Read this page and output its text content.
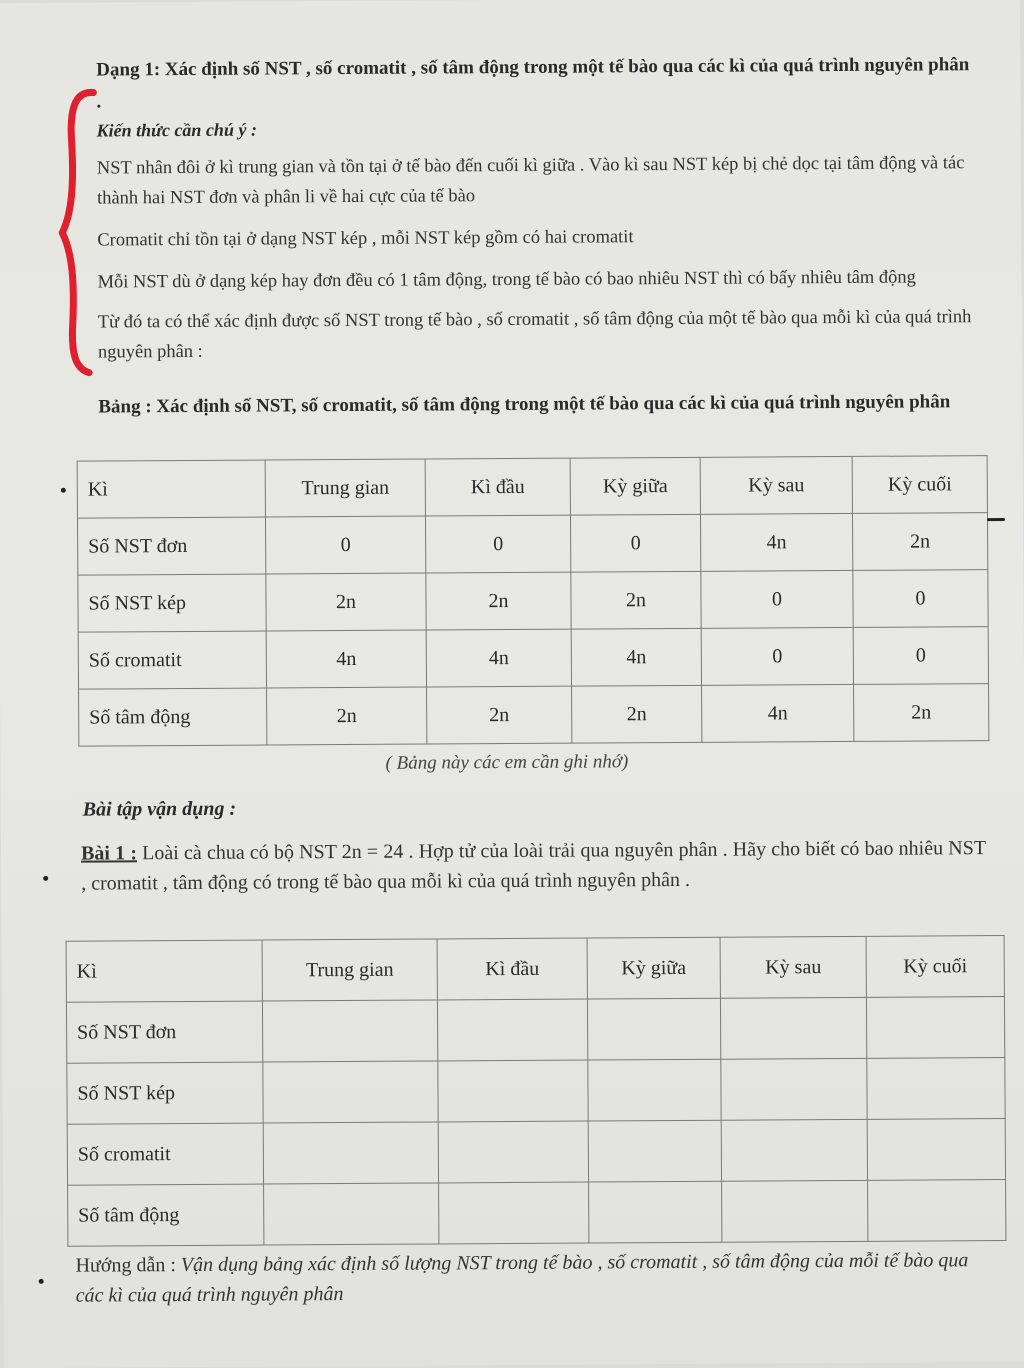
Dạng 1: Xác định số NST , số cromatit , số tâm động trong một tế bào qua các kì của quá trình nguyên phân .
Kiến thức cần chú ý :
NST nhân đôi ở kì trung gian và tồn tại ở tế bào đến cuối kì giữa . Vào kì sau NST kép bị chẻ dọc tại tâm động và tác thành hai NST đơn và phân li về hai cực của tế bào
Cromatit chỉ tồn tại ở dạng NST kép , mỗi NST kép gồm có hai cromatit
Mỗi NST dù ở dạng kép hay đơn đều có 1 tâm động, trong tế bào có bao nhiêu NST thì có bấy nhiêu tâm động
Từ đó ta có thể xác định được số NST trong tế bào , số cromatit , số tâm động của một tế bào qua mỗi kì của quá trình nguyên phân :
Bảng : Xác định số NST, số cromatit, số tâm động trong một tế bào qua các kì của quá trình nguyên phân
Kì	Trung gian	Kì đầu	Kỳ giữa	Kỳ sau	Kỳ cuối
Số NST đơn	0	0	0	4n	2n
Số NST kép	2n	2n	2n	0	0
Số cromatit	4n	4n	4n	0	0
Số tâm động	2n	2n	2n	4n	2n
( Bảng này các em cần ghi nhớ)
Bài tập vận dụng :
Bài 1 : Loài cà chua có bộ NST 2n = 24 . Hợp tử của loài trải qua nguyên phân . Hãy cho biết có bao nhiêu NST , cromatit , tâm động có trong tế bào qua mỗi kì của quá trình nguyên phân .
Kì	Trung gian	Kì đầu	Kỳ giữa	Kỳ sau	Kỳ cuối
Số NST đơn					
Số NST kép					
Số cromatit					
Số tâm động					
Hướng dẫn : Vận dụng bảng xác định số lượng NST trong tế bào , số cromatit , số tâm động của mỗi tế bào qua các kì của quá trình nguyên phân
